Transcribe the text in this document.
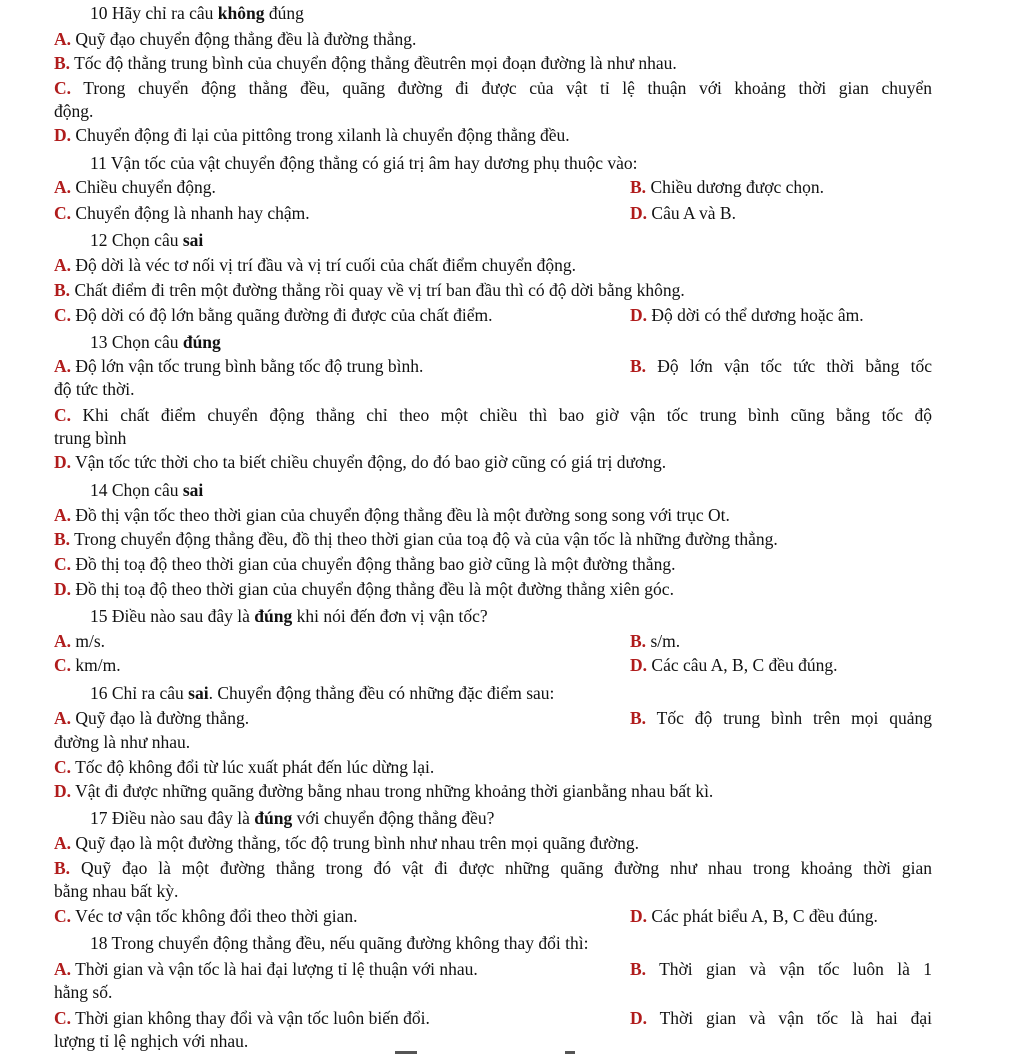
10 Hãy chỉ ra câu không đúng
A. Quỹ đạo chuyển động thẳng đều là đường thẳng.
B. Tốc độ thẳng trung bình của chuyển động thẳng đềutrên mọi đoạn đường là như nhau.
C. Trong chuyển động thẳng đều, quãng đường đi được của vật tỉ lệ thuận với khoảng thời gian chuyển
động.
D. Chuyển động đi lại của pittông trong xilanh là chuyển động thẳng đều.
11 Vận tốc của vật chuyển động thẳng có giá trị âm hay dương phụ thuộc vào:
A. Chiều chuyển động.	B. Chiều dương được chọn.
C. Chuyển động là nhanh hay chậm.	D. Câu A và B.
12 Chọn câu sai
A. Độ dời là véc tơ nối vị trí đầu và vị trí cuối của chất điểm chuyển động.
B. Chất điểm đi trên một đường thẳng rồi quay về vị trí ban đầu thì có độ dời bằng không.
C. Độ dời có độ lớn bằng quãng đường đi được của chất điểm.	D. Độ dời có thể dương hoặc âm.
13 Chọn câu đúng
A. Độ lớn vận tốc trung bình bằng tốc độ trung bình.	B. Độ lớn vận tốc tức thời bằng tốc
độ tức thời.
C. Khi chất điểm chuyển động thẳng chỉ theo một chiều thì bao giờ vận tốc trung bình cũng bằng tốc độ
trung bình
D. Vận tốc tức thời cho ta biết chiều chuyển động, do đó bao giờ cũng có giá trị dương.
14 Chọn câu sai
A. Đồ thị vận tốc theo thời gian của chuyển động thẳng đều là một đường song song với trục Ot.
B. Trong chuyển động thẳng đều, đồ thị theo thời gian của toạ độ và của vận tốc là những đường thẳng.
C. Đồ thị toạ độ theo thời gian của chuyển động thẳng bao giờ cũng là một đường thẳng.
D. Đồ thị toạ độ theo thời gian của chuyển động thẳng đều là một đường thẳng xiên góc.
15 Điều nào sau đây là đúng khi nói đến đơn vị vận tốc?
A. m/s.	B. s/m.
C. km/m.	D. Các câu A, B, C đều đúng.
16 Chỉ ra câu sai. Chuyển động thẳng đều có những đặc điểm sau:
A. Quỹ đạo là đường thẳng.	B. Tốc độ trung bình trên mọi quảng
đường là như nhau.
C. Tốc độ không đổi từ lúc xuất phát đến lúc dừng lại.
D. Vật đi được những quãng đường bằng nhau trong những khoảng thời gianbằng nhau bất kì.
17 Điều nào sau đây là đúng với chuyển động thẳng đều?
A. Quỹ đạo là một đường thẳng, tốc độ trung bình như nhau trên mọi quãng đường.
B. Quỹ đạo là một đường thẳng trong đó vật đi được những quãng đường như nhau trong khoảng thời gian
bằng nhau bất kỳ.
C. Véc tơ vận tốc không đổi theo thời gian.	D. Các phát biểu A, B, C đều đúng.
18 Trong chuyển động thẳng đều, nếu quãng đường không thay đổi thì:
A. Thời gian và vận tốc là hai đại lượng tỉ lệ thuận với nhau.	B. Thời gian và vận tốc luôn là 1
hằng số.
C. Thời gian không thay đổi và vận tốc luôn biến đổi.	D. Thời gian và vận tốc là hai đại
lượng tỉ lệ nghịch với nhau.
